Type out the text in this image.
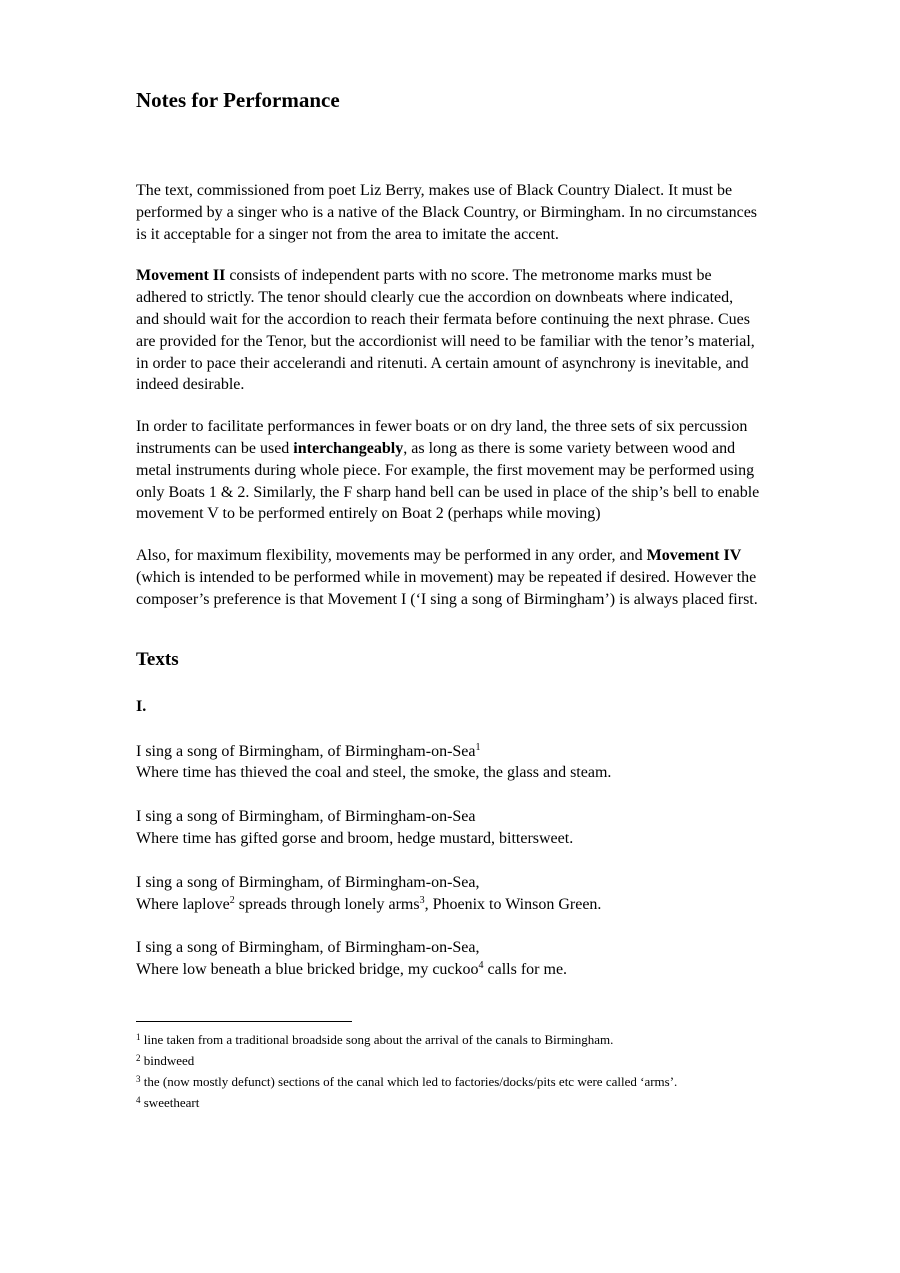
Notes for Performance

The text, commissioned from poet Liz Berry, makes use of Black Country Dialect. It must be performed by a singer who is a native of the Black Country, or Birmingham. In no circumstances is it acceptable for a singer not from the area to imitate the accent.

Movement II consists of independent parts with no score. The metronome marks must be adhered to strictly. The tenor should clearly cue the accordion on downbeats where indicated, and should wait for the accordion to reach their fermata before continuing the next phrase. Cues are provided for the Tenor, but the accordionist will need to be familiar with the tenor’s material, in order to pace their accelerandi and ritenuti. A certain amount of asynchrony is inevitable, and indeed desirable.

In order to facilitate performances in fewer boats or on dry land, the three sets of six percussion instruments can be used interchangeably, as long as there is some variety between wood and metal instruments during whole piece. For example, the first movement may be performed using only Boats 1 & 2. Similarly, the F sharp hand bell can be used in place of the ship’s bell to enable movement V to be performed entirely on Boat 2 (perhaps while moving)

Also, for maximum flexibility, movements may be performed in any order, and Movement IV (which is intended to be performed while in movement) may be repeated if desired. However the composer’s preference is that Movement I (‘I sing a song of Birmingham’) is always placed first.

Texts
I.

I sing a song of Birmingham, of Birmingham-on-Sea$^1$
Where time has thieved the coal and steel, the smoke, the glass and steam.

I sing a song of Birmingham, of Birmingham-on-Sea
Where time has gifted gorse and broom, hedge mustard, bittersweet.

I sing a song of Birmingham, of Birmingham-on-Sea,
Where laplove$^2$ spreads through lonely arms$^3$, Phoenix to Winson Green.

I sing a song of Birmingham, of Birmingham-on-Sea,
Where low beneath a blue bricked bridge, my cuckoo$^4$ calls for me.

$^1$ line taken from a traditional broadside song about the arrival of the canals to Birmingham.
$^2$ bindweed
$^3$ the (now mostly defunct) sections of the canal which led to factories/docks/pits etc were called ‘arms’.
$^4$ sweetheart
